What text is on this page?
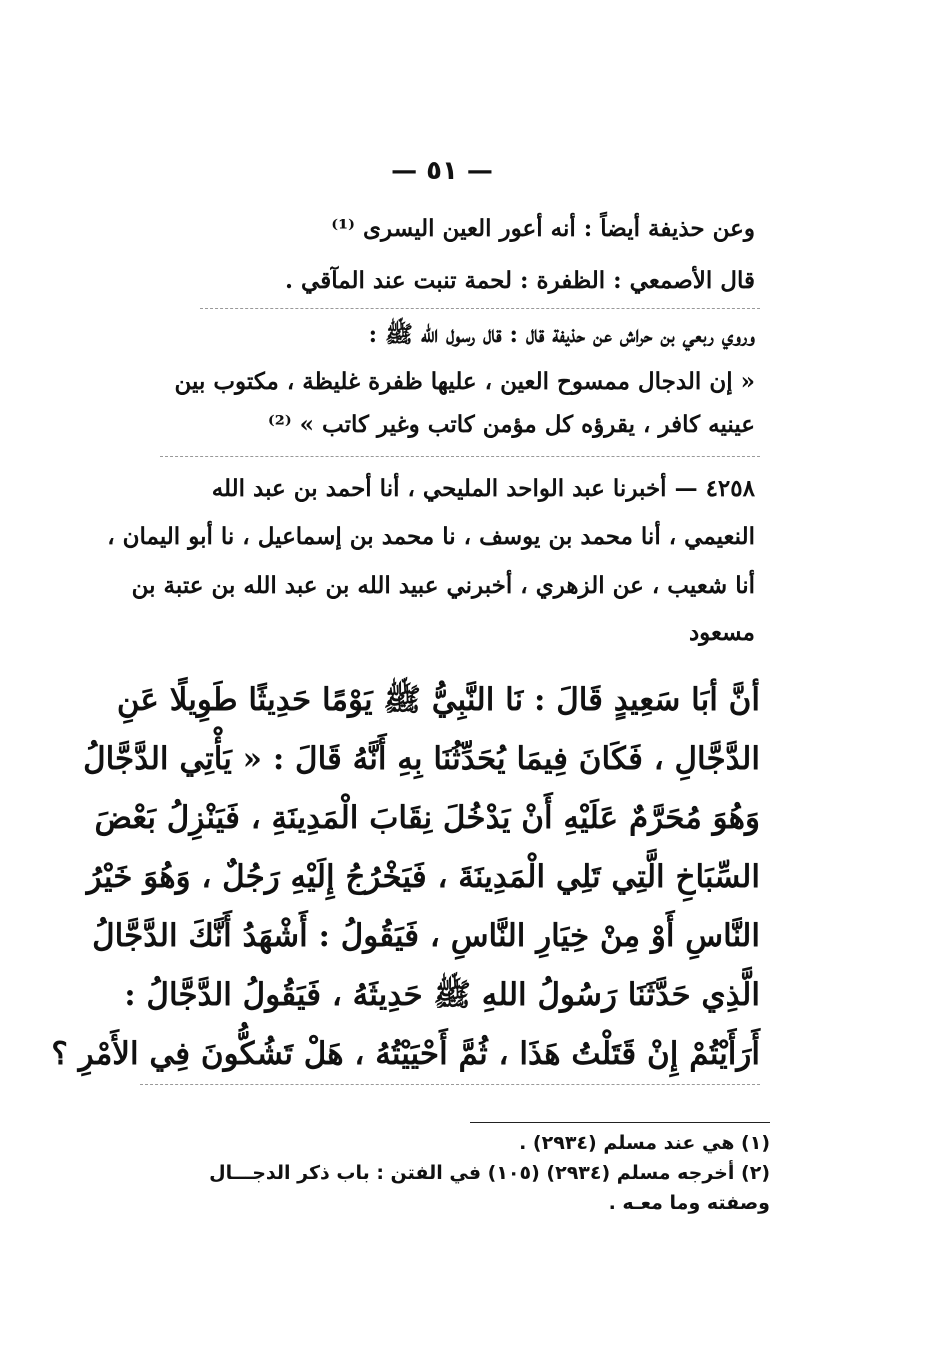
— ٥١ —
وعن حذيفة أيضاً : أنه أعور العين اليسرى ⁽¹⁾
قال الأصمعي : الظفرة : لحمة تنبت عند المآقي .
وروي ربعي بن حراش عن حذيفة قال : قال رسول الله ﷺ :
« إن الدجال ممسوح العين ، عليها ظفرة غليظة ، مكتوب بين
عينيه كافر ، يقرؤه كل مؤمن كاتب وغير كاتب » ⁽²⁾
٤٢٥٨ — أخبرنا عبد الواحد المليحي ، أنا أحمد بن عبد الله
النعيمي ، أنا محمد بن يوسف ، نا محمد بن إسماعيل ، نا أبو اليمان ،
أنا شعيب ، عن الزهري ، أخبرني عبيد الله بن عبد الله بن عتبة بن
مسعود
أنَّ أبَا سَعِيدٍ قَالَ : نَا النَّبِيُّ ﷺ يَوْمًا حَدِيثًا طَوِيلًا عَنِ
الدَّجَّالِ ، فَكَانَ فِيمَا يُحَدِّثُنَا بِهِ أَنَّهُ قَالَ : « يَأْتِي الدَّجَّالُ
وَهُوَ مُحَرَّمٌ عَلَيْهِ أَنْ يَدْخُلَ نِقَابَ الْمَدِينَةِ ، فَيَنْزِلُ بَعْضَ
السِّبَاخِ الَّتِي تَلِي الْمَدِينَةَ ، فَيَخْرُجُ إِلَيْهِ رَجُلٌ ، وَهُوَ خَيْرُ
النَّاسِ أَوْ مِنْ خِيَارِ النَّاسِ ، فَيَقُولُ : أَشْهَدُ أَنَّكَ الدَّجَّالُ
الَّذِي حَدَّثَنَا رَسُولُ اللهِ ﷺ حَدِيثَهُ ، فَيَقُولُ الدَّجَّالُ :
أَرَأَيْتُمْ إِنْ قَتَلْتُ هَذَا ، ثُمَّ أَحْيَيْتُهُ ، هَلْ تَشُكُّونَ فِي الأَمْرِ ؟
(١) هي عند مسلم (٢٩٣٤) .
(٢) أخرجه مسلم (٢٩٣٤) (١٠٥) في الفتن : باب ذكر الدجـــال
وصفته وما معـه .
